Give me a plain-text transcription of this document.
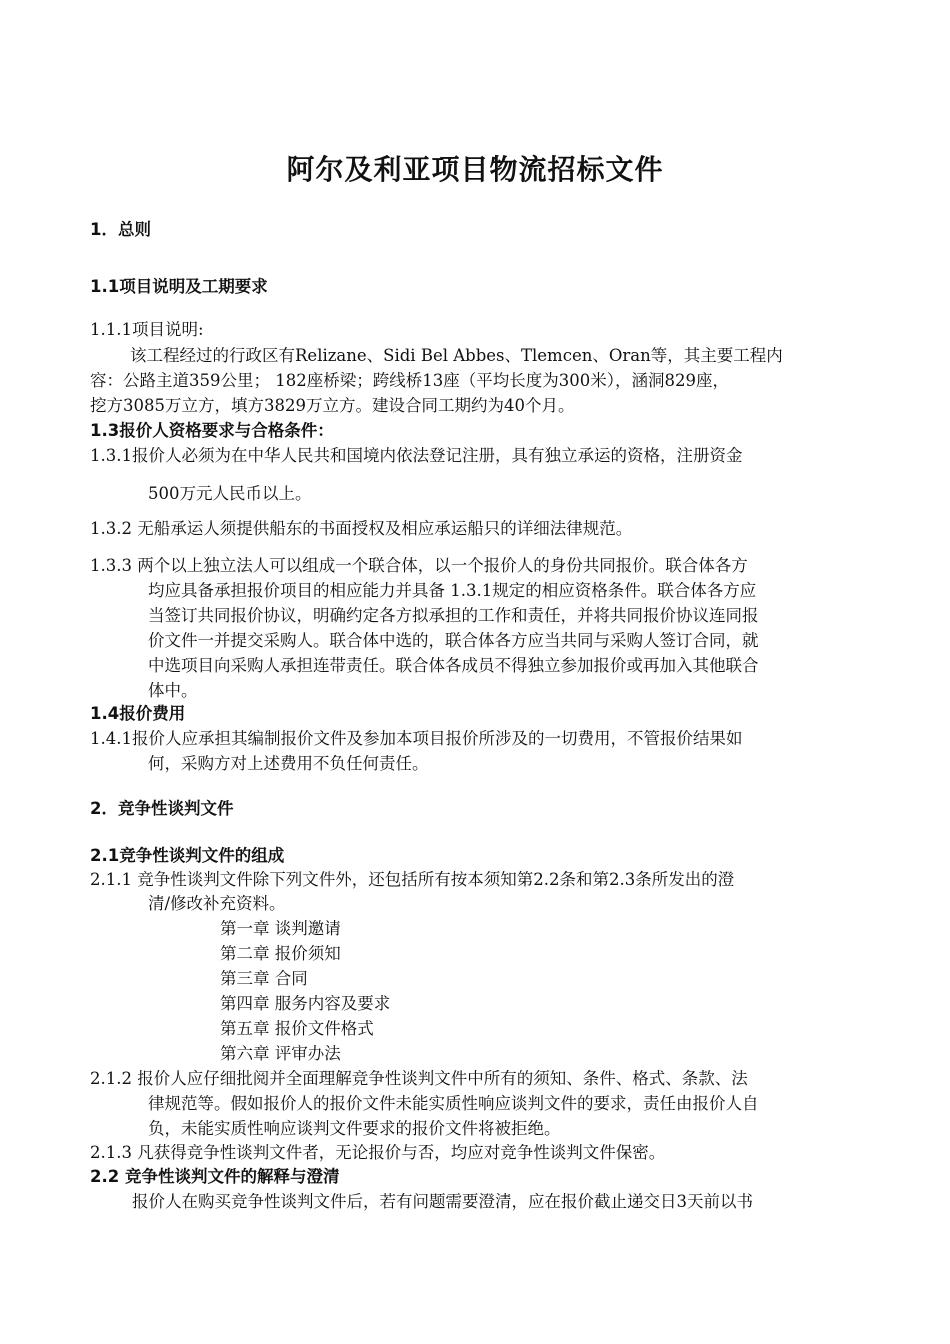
阿尔及利亚项目物流招标文件
1．总则
1.1项目说明及工期要求
1.1.1项目说明:
该工程经过的行政区有Relizane、Sidi Bel Abbes、Tlemcen、Oran等，其主要工程内
容：公路主道359公里； 182座桥梁；跨线桥13座（平均长度为300米），涵洞829座，
挖方3085万立方，填方3829万立方。建设合同工期约为40个月。
1.3报价人资格要求与合格条件：
1.3.1报价人必须为在中华人民共和国境内依法登记注册，具有独立承运的资格，注册资金
500万元人民币以上。
1.3.2 无船承运人须提供船东的书面授权及相应承运船只的详细法律规范。
1.3.3 两个以上独立法人可以组成一个联合体，以一个报价人的身份共同报价。联合体各方
均应具备承担报价项目的相应能力并具备 1.3.1规定的相应资格条件。联合体各方应
当签订共同报价协议，明确约定各方拟承担的工作和责任，并将共同报价协议连同报
价文件一并提交采购人。联合体中选的，联合体各方应当共同与采购人签订合同，就
中选项目向采购人承担连带责任。联合体各成员不得独立参加报价或再加入其他联合
体中。
1.4报价费用
1.4.1报价人应承担其编制报价文件及参加本项目报价所涉及的一切费用，不管报价结果如
何，采购方对上述费用不负任何责任。
2．竞争性谈判文件
2.1竞争性谈判文件的组成
2.1.1 竞争性谈判文件除下列文件外，还包括所有按本须知第2.2条和第2.3条所发出的澄
清/修改补充资料。
第一章 谈判邀请
第二章 报价须知
第三章 合同
第四章 服务内容及要求
第五章 报价文件格式
第六章 评审办法
2.1.2 报价人应仔细批阅并全面理解竞争性谈判文件中所有的须知、条件、格式、条款、法
律规范等。假如报价人的报价文件未能实质性响应谈判文件的要求，责任由报价人自
负，未能实质性响应谈判文件要求的报价文件将被拒绝。
2.1.3 凡获得竞争性谈判文件者，无论报价与否，均应对竞争性谈判文件保密。
2.2 竞争性谈判文件的解释与澄清
报价人在购买竞争性谈判文件后，若有问题需要澄清，应在报价截止递交日3天前以书
